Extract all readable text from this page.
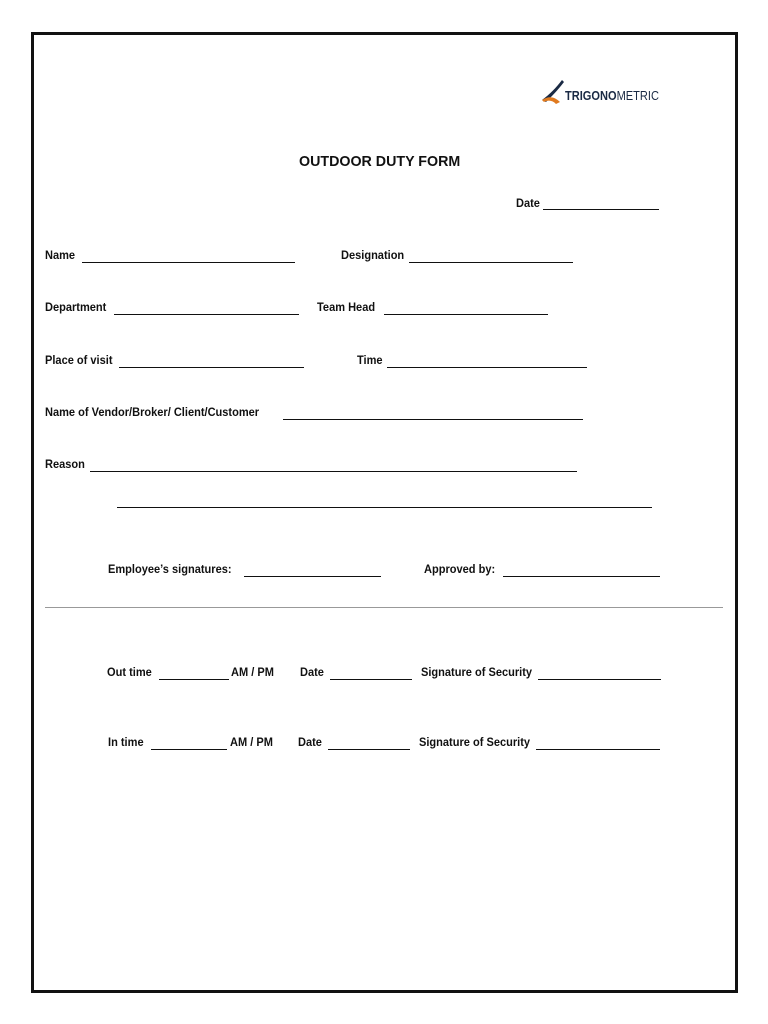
TRIGONOMETRIC
OUTDOOR DUTY FORM
Date
Name	Designation
Department	Team Head
Place of visit	Time
Name of Vendor/Broker/ Client/Customer
Reason
Employee’s signatures:	Approved by:
Out time	AM / PM Date	Signature of Security
In time	AM / PM Date	Signature of Security
